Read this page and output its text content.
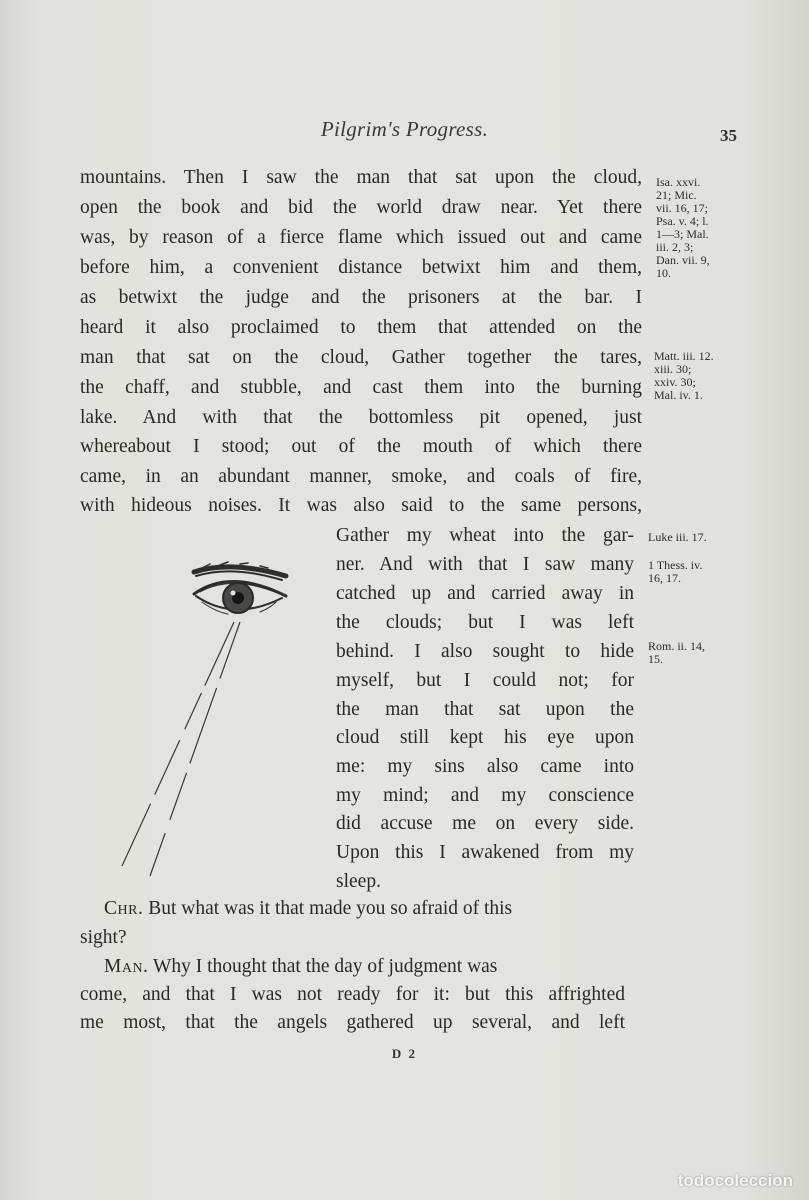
Pilgrim's Progress.	35
mountains. Then I saw the man that sat upon the cloud,
open the book and bid the world draw near. Yet there
was, by reason of a fierce flame which issued out and came
before him, a convenient distance betwixt him and them,
as betwixt the judge and the prisoners at the bar. I
heard it also proclaimed to them that attended on the
man that sat on the cloud, Gather together the tares,
the chaff, and stubble, and cast them into the burning
lake. And with that the bottomless pit opened, just
whereabout I stood; out of the mouth of which there
came, in an abundant manner, smoke, and coals of fire,
with hideous noises. It was also said to the same persons,
Gather my wheat into the gar-
ner. And with that I saw many
catched up and carried away in
the clouds; but I was left
behind. I also sought to hide
myself, but I could not; for
the man that sat upon the
cloud still kept his eye upon
me: my sins also came into
my mind; and my conscience
did accuse me on every side.
Upon this I awakened from my
sleep.
Chr. But what was it that made you so afraid of this
sight?
Man. Why I thought that the day of judgment was
come, and that I was not ready for it: but this affrighted
me most, that the angels gathered up several, and left
Isa. xxvi.
21; Mic.
vii. 16, 17;
Psa. v. 4; l.
1—3; Mal.
iii. 2, 3;
Dan. vii. 9,
10.
Matt. iii. 12.
xiii. 30;
xxiv. 30;
Mal. iv. 1.
Luke iii. 17.
1 Thess. iv.
16, 17.
Rom. ii. 14,
15.
D 2
todocoleccion
